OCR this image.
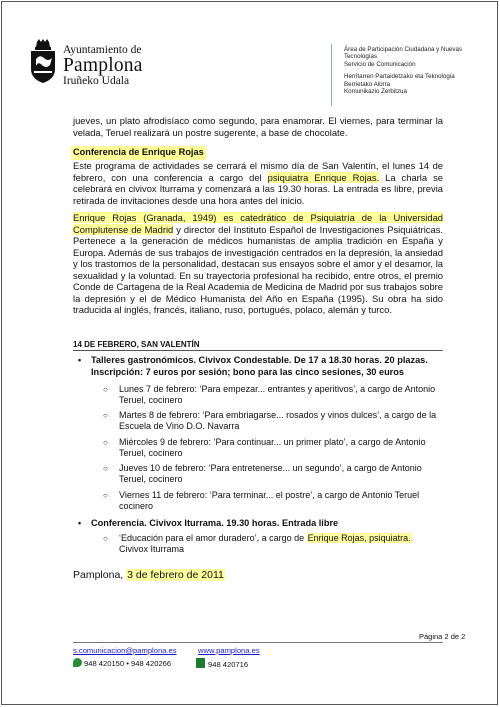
Ayuntamiento de
Pamplona
Iruñeko Udala
Área de Participación Ciudadana y Nuevas
Tecnologías
Servicio de Comunicación
Herritarren Partaidetzako eta Teknologia
Berrietako Alorra
Komunikazio Zerbitzua
jueves, un plato afrodisíaco como segundo, para enamorar. El viernes, para terminar la velada, Teruel realizará un postre sugerente, a base de chocolate.
Conferencia de Enrique Rojas
Este programa de actividades se cerrará el mismo día de San Valentín, el lunes 14 de febrero, con una conferencia a cargo del psiquiatra Enrique Rojas. La charla se celebrará en civivox Iturrama y comenzará a las 19.30 horas. La entrada es libre, previa retirada de invitaciones desde una hora antes del inicio.
Enrique Rojas (Granada, 1949) es catedrático de Psiquiatría de la Universidad Complutense de Madrid y director del Instituto Español de Investigaciones Psiquiátricas. Pertenece a la generación de médicos humanistas de amplia tradición en España y Europa. Además de sus trabajos de investigación centrados en la depresión, la ansiedad y los trastornos de la personalidad, destacan sus ensayos sobre el amor y el desamor, la sexualidad y la voluntad. En su trayectoria profesional ha recibido, entre otros, el premio Conde de Cartagena de la Real Academia de Medicina de Madrid por sus trabajos sobre la depresión y el de Médico Humanista del Año en España (1995). Su obra ha sido traducida al inglés, francés, italiano, ruso, portugués, polaco, alemán y turco.
14 DE FEBRERO, SAN VALENTÍN
• Talleres gastronómicos. Civivox Condestable. De 17 a 18.30 horas. 20 plazas. Inscripción: 7 euros por sesión; bono para las cinco sesiones, 30 euros
○ Lunes 7 de febrero: ‘Para empezar... entrantes y aperitivos’, a cargo de Antonio Teruel, cocinero
○ Martes 8 de febrero: ‘Para embriagarse... rosados y vinos dulces’, a cargo de la Escuela de Vino D.O. Navarra
○ Miércoles 9 de febrero: ‘Para continuar... un primer plato’, a cargo de Antonio Teruel, cocinero
○ Jueves 10 de febrero: ‘Para entretenerse... un segundo’, a cargo de Antonio Teruel, cocinero
○ Viernes 11 de febrero: ‘Para terminar... el postre’, a cargo de Antonio Teruel cocinero
• Conferencia. Civivox Iturrama. 19.30 horas. Entrada libre
○ ‘Educación para el amor duradero’, a cargo de Enrique Rojas, psiquiatra. Civivox Iturrama
Pamplona, 3 de febrero de 2011
Página 2 de 2
s.comunicacion@pamplona.es	www.pamplona.es
948 420150 • 948 420266	948 420716
